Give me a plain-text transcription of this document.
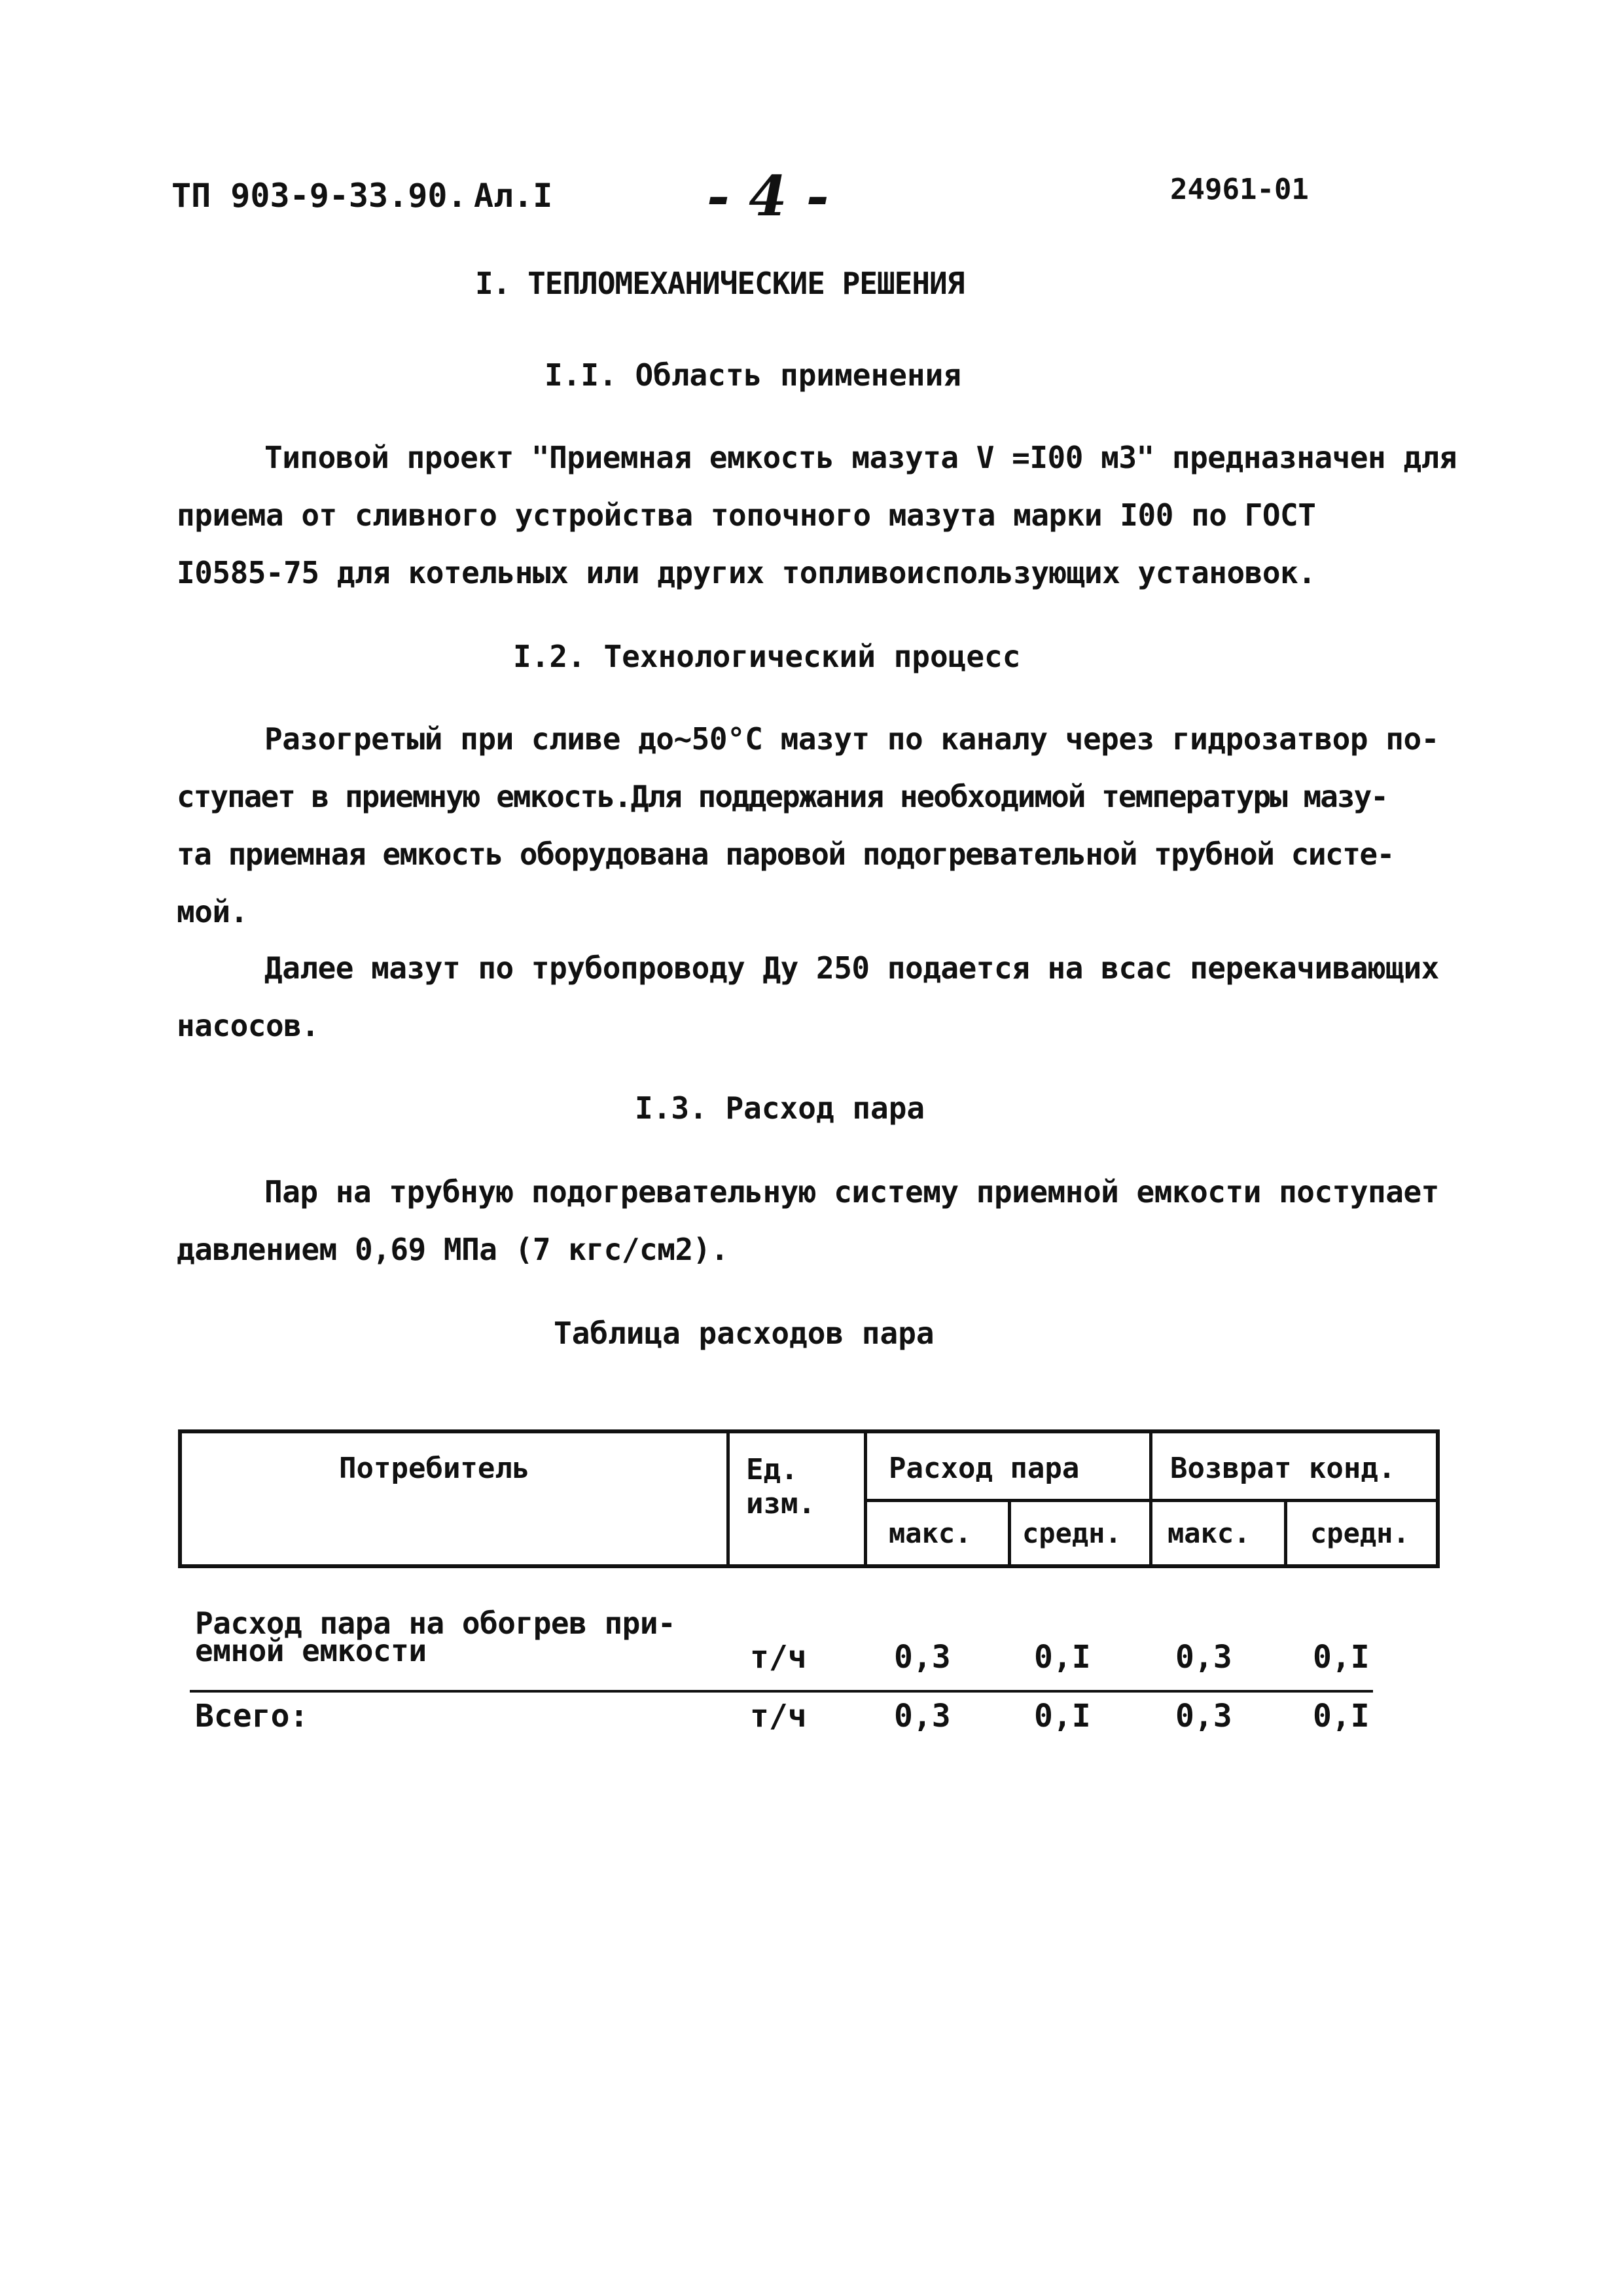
ТП 903-9-33.90. Ал.I	- 4 -	24961-01
I. ТЕПЛОМЕХАНИЧЕСКИЕ РЕШЕНИЯ
I.I. Область применения
Типовой проект "Приемная емкость мазута V =I00 м3" предназначен для
приема от сливного устройства топочного мазута марки I00 по ГОСТ
I0585-75 для котельных или других топливоиспользующих установок.
I.2. Технологический процесс
Разогретый при сливе до~50°С мазут по каналу через гидрозатвор по-
ступает в приемную емкость.Для поддержания необходимой температуры мазу-
та приемная емкость оборудована паровой подогревательной трубной систе-
мой.
Далее мазут по трубопроводу Ду 250 подается на всас перекачивающих
насосов.
I.3. Расход пара
Пар на трубную подогревательную систему приемной емкости поступает
давлением 0,69 МПа (7 кгс/см2).
Таблица расходов пара
Потребитель	Ед.
изм.
Расход пара	Возврат конд.
макс. средн. макс. средн.
Расход пара на обогрев при-
емной емкости	т/ч	0,3	0,I	0,3	0,I
Всего:	т/ч	0,3	0,I	0,3	0,I
